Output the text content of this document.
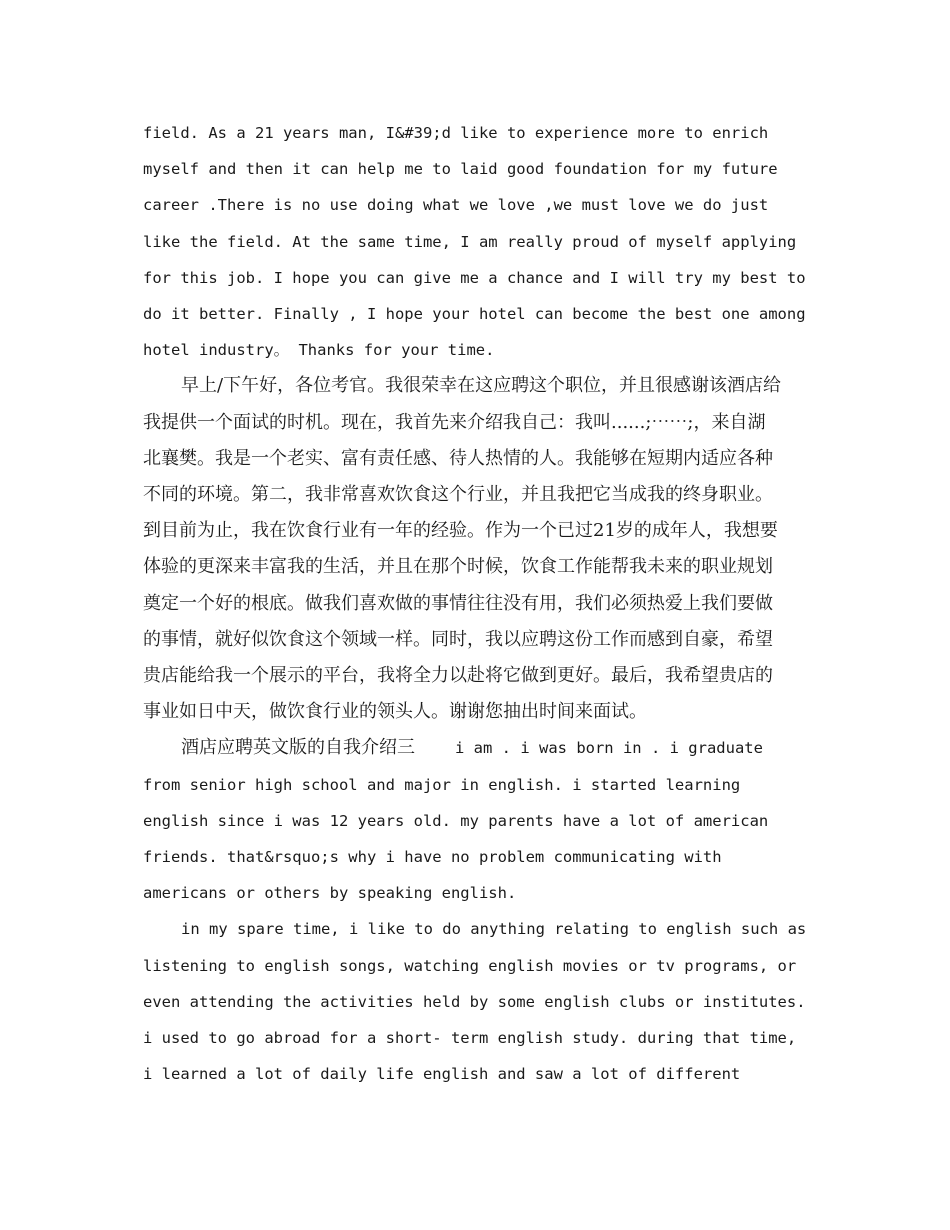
field. As a 21 years man, I&#39;d like to experience more to enrich

myself and then it can help me to laid good foundation for my future

career .There is no use doing what we love ,we must love we do just

like the field. At the same time, I am really proud of myself applying

for this job. I hope you can give me a chance and I will try my best to

do it better. Finally , I hope your hotel can become the best one among

hotel industry。 Thanks for your time.

早上/下午好，各位考官。我很荣幸在这应聘这个职位，并且很感谢该酒店给

我提供一个面试的时机。现在，我首先来介绍我自己：我叫......;⋯⋯;，来自湖

北襄樊。我是一个老实、富有责任感、待人热情的人。我能够在短期内适应各种

不同的环境。第二，我非常喜欢饮食这个行业，并且我把它当成我的终身职业。

到目前为止，我在饮食行业有一年的经验。作为一个已过21岁的成年人，我想要

体验的更深来丰富我的生活，并且在那个时候，饮食工作能帮我未来的职业规划

奠定一个好的根底。做我们喜欢做的事情往往没有用，我们必须热爱上我们要做

的事情，就好似饮食这个领域一样。同时，我以应聘这份工作而感到自豪，希望

贵店能给我一个展示的平台，我将全力以赴将它做到更好。最后，我希望贵店的

事业如日中天，做饮食行业的领头人。谢谢您抽出时间来面试。

酒店应聘英文版的自我介绍三	i am . i was born in . i graduate

from senior high school and major in english. i started learning

english since i was 12 years old. my parents have a lot of american

friends. that&rsquo;s why i have no problem communicating with

americans or others by speaking english.

in my spare time, i like to do anything relating to english such as

listening to english songs, watching english movies or tv programs, or

even attending the activities held by some english clubs or institutes.

i used to go abroad for a short- term english study. during that time,

i learned a lot of daily life english and saw a lot of different
